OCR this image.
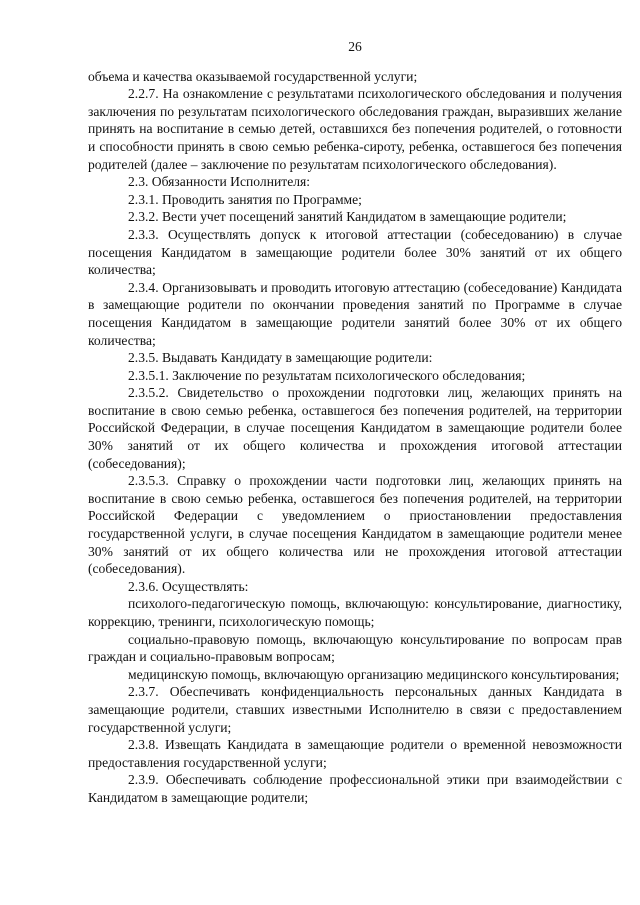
26

объема и качества оказываемой государственной услуги;

2.2.7. На ознакомление с результатами психологического обследования и получения заключения по результатам психологического обследования граждан, выразивших желание принять на воспитание в семью детей, оставшихся без попечения родителей, о готовности и способности принять в свою семью ребенка-сироту, ребенка, оставшегося без попечения родителей (далее – заключение по результатам психологического обследования).

2.3. Обязанности Исполнителя:

2.3.1. Проводить занятия по Программе;

2.3.2. Вести учет посещений занятий Кандидатом в замещающие родители;

2.3.3. Осуществлять допуск к итоговой аттестации (собеседованию) в случае посещения Кандидатом в замещающие родители более 30% занятий от их общего количества;

2.3.4. Организовывать и проводить итоговую аттестацию (собеседование) Кандидата в замещающие родители по окончании проведения занятий по Программе в случае посещения Кандидатом в замещающие родители занятий более 30% от их общего количества;

2.3.5. Выдавать Кандидату в замещающие родители:

2.3.5.1. Заключение по результатам психологического обследования;

2.3.5.2. Свидетельство о прохождении подготовки лиц, желающих принять на воспитание в свою семью ребенка, оставшегося без попечения родителей, на территории Российской Федерации, в случае посещения Кандидатом в замещающие родители более 30% занятий от их общего количества и прохождения итоговой аттестации (собеседования);

2.3.5.3. Справку о прохождении части подготовки лиц, желающих принять на воспитание в свою семью ребенка, оставшегося без попечения родителей, на территории Российской Федерации с уведомлением о приостановлении предоставления государственной услуги, в случае посещения Кандидатом в замещающие родители менее 30% занятий от их общего количества или не прохождения итоговой аттестации (собеседования).

2.3.6. Осуществлять:

психолого-педагогическую помощь, включающую: консультирование, диагностику, коррекцию, тренинги, психологическую помощь;

социально-правовую помощь, включающую консультирование по вопросам прав граждан и социально-правовым вопросам;

медицинскую помощь, включающую организацию медицинского консультирования;

2.3.7. Обеспечивать конфиденциальность персональных данных Кандидата в замещающие родители, ставших известными Исполнителю в связи с предоставлением государственной услуги;

2.3.8. Извещать Кандидата в замещающие родители о временной невозможности предоставления государственной услуги;

2.3.9. Обеспечивать соблюдение профессиональной этики при взаимодействии с Кандидатом в замещающие родители;
